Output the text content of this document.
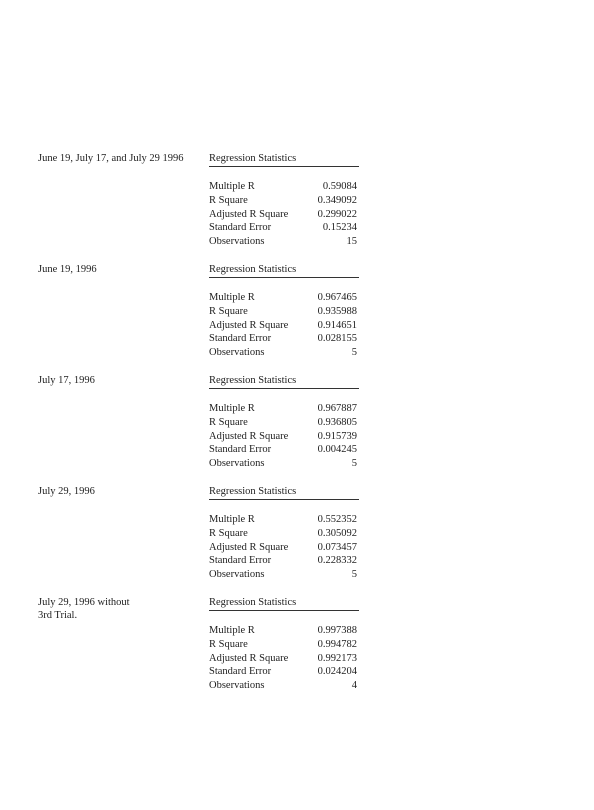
June 19, July 17, and July 29 1996	Regression Statistics
Multiple R	0.59084
R Square	0.349092
Adjusted R Square	0.299022
Standard Error	0.15234
Observations	15
June 19, 1996	Regression Statistics
Multiple R	0.967465
R Square	0.935988
Adjusted R Square	0.914651
Standard Error	0.028155
Observations	5
July 17, 1996	Regression Statistics
Multiple R	0.967887
R Square	0.936805
Adjusted R Square	0.915739
Standard Error	0.004245
Observations	5
July 29, 1996	Regression Statistics
Multiple R	0.552352
R Square	0.305092
Adjusted R Square	0.073457
Standard Error	0.228332
Observations	5
July 29, 1996 without
3rd Trial.
Regression Statistics
Multiple R	0.997388
R Square	0.994782
Adjusted R Square	0.992173
Standard Error	0.024204
Observations	4
